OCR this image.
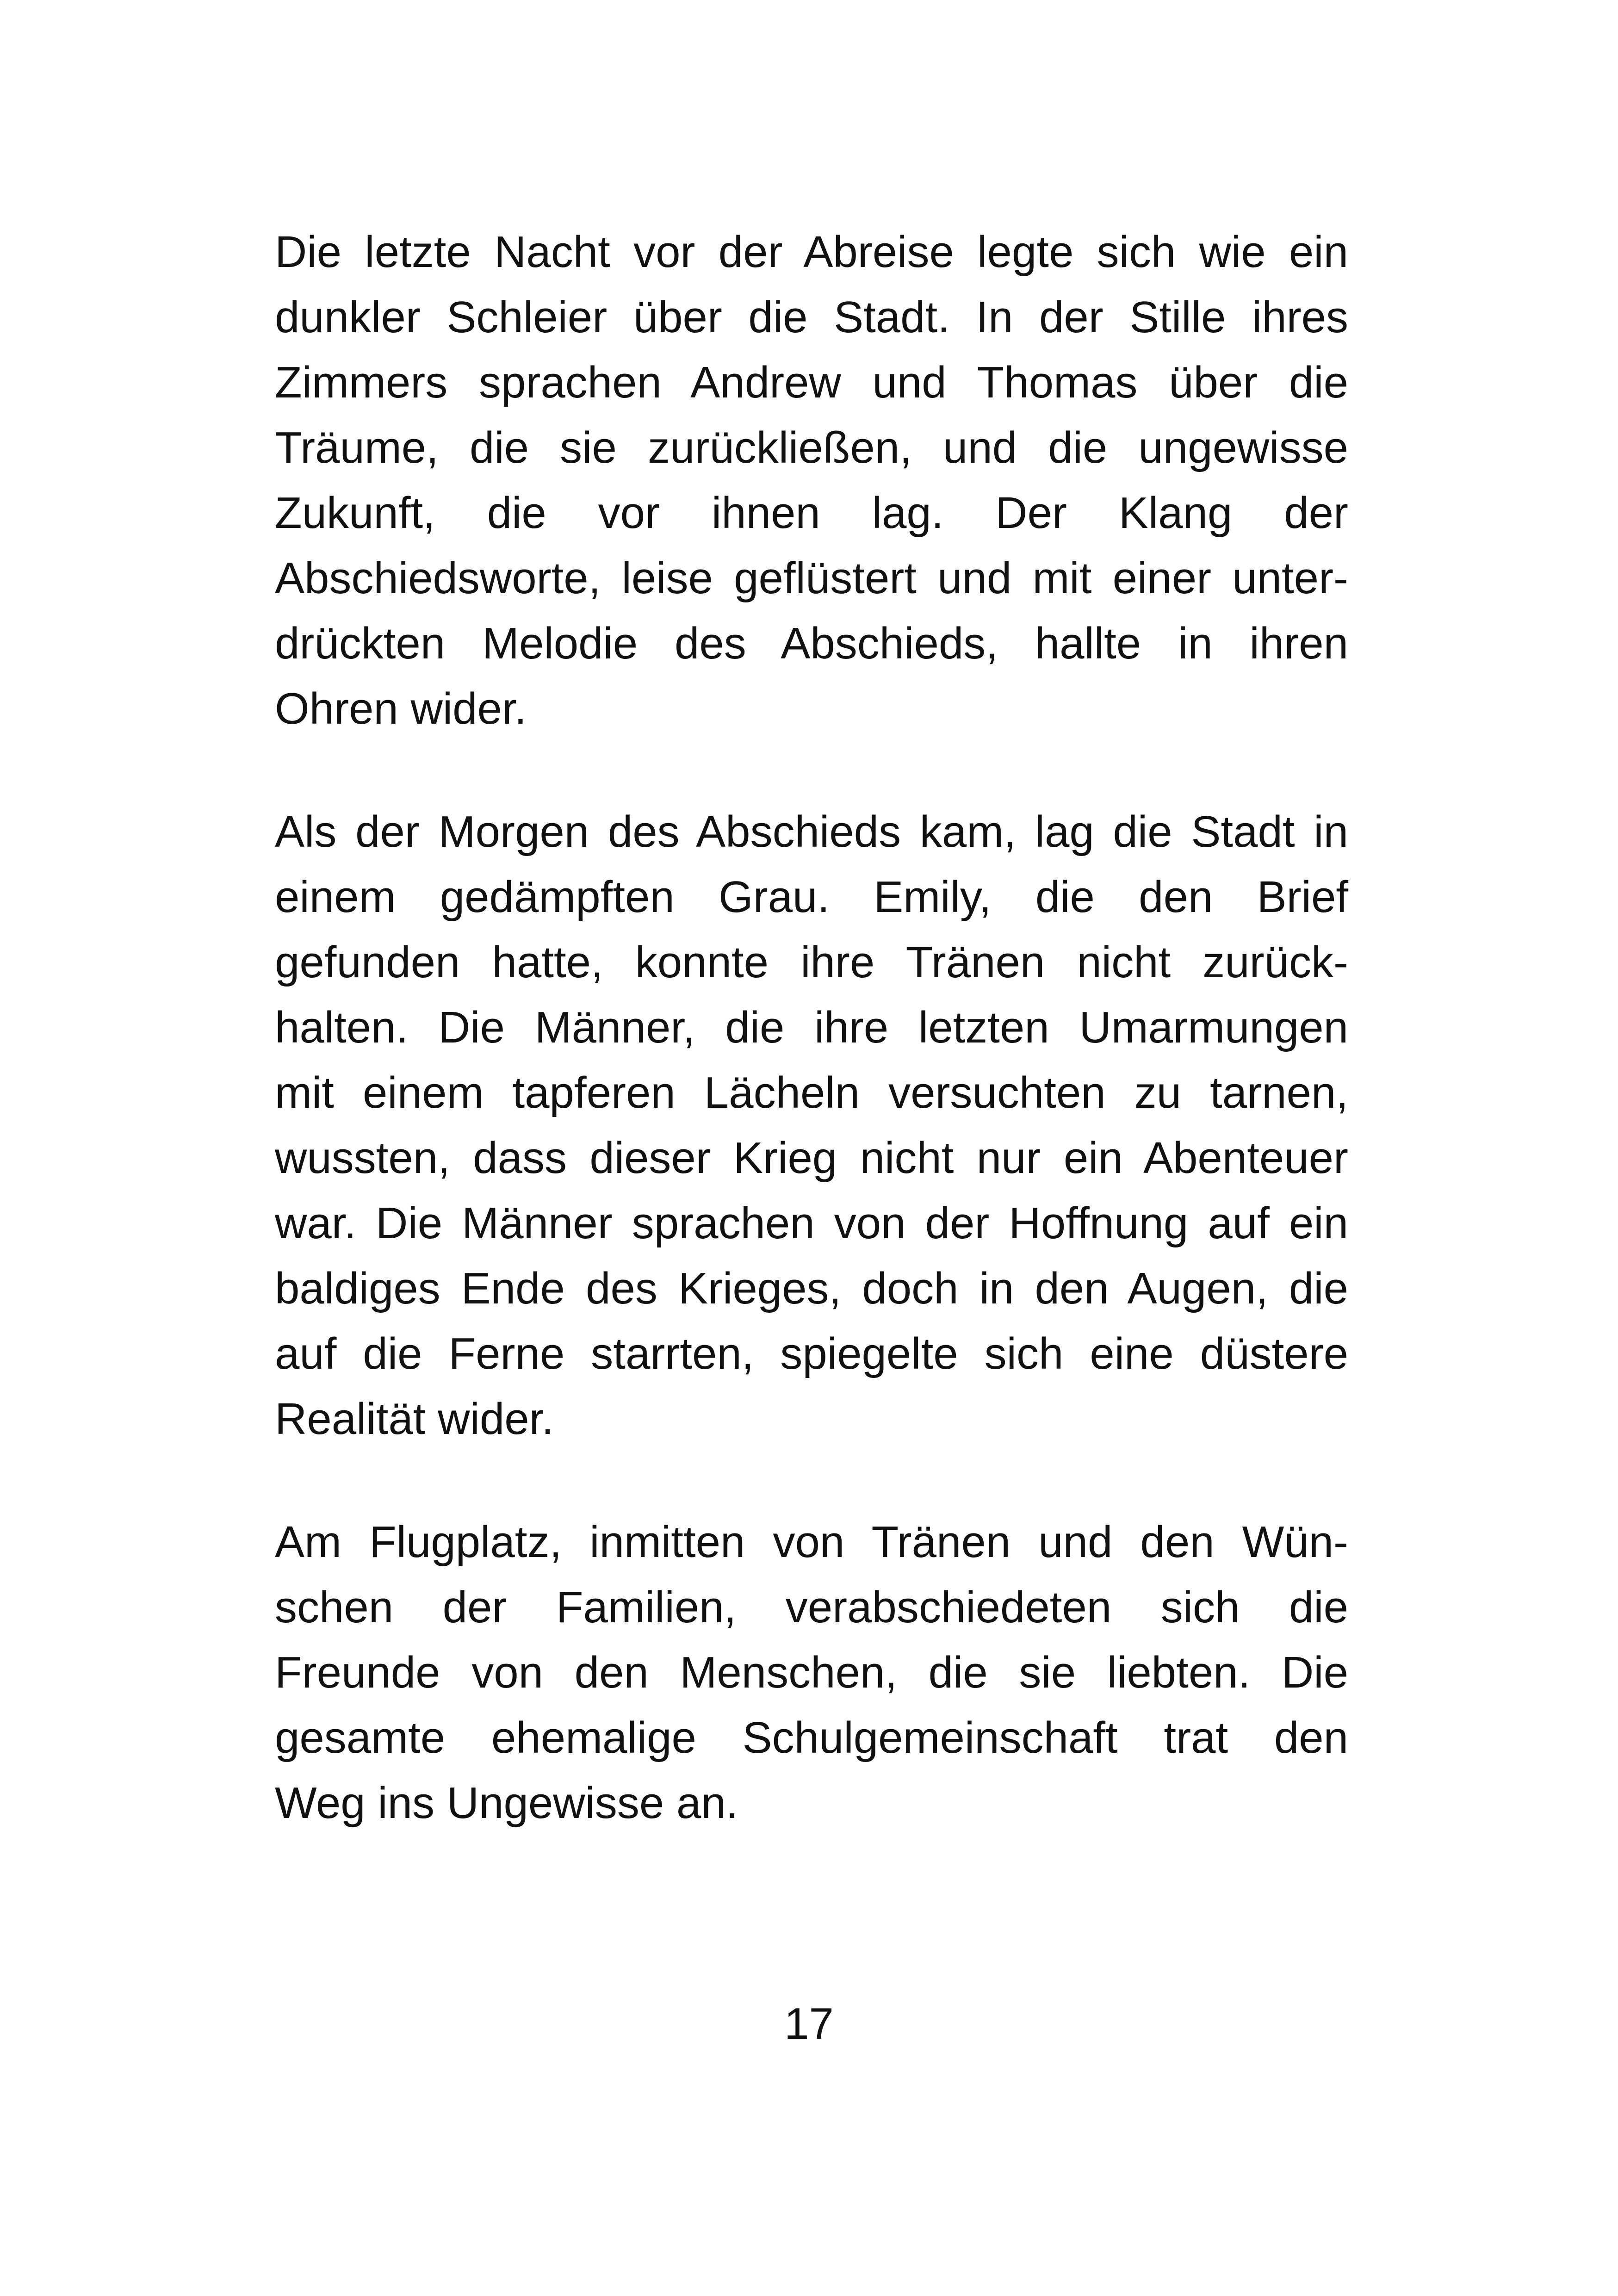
Die letzte Nacht vor der Abreise legte sich wie ein
dunkler Schleier über die Stadt. In der Stille ihres
Zimmers sprachen Andrew und Thomas über die
Träume, die sie zurückließen, und die ungewisse
Zukunft, die vor ihnen lag. Der Klang der
Abschiedsworte, leise geflüstert und mit einer unter-
drückten Melodie des Abschieds, hallte in ihren
Ohren wider.
Als der Morgen des Abschieds kam, lag die Stadt in
einem gedämpften Grau. Emily, die den Brief
gefunden hatte, konnte ihre Tränen nicht zurück-
halten. Die Männer, die ihre letzten Umarmungen
mit einem tapferen Lächeln versuchten zu tarnen,
wussten, dass dieser Krieg nicht nur ein Abenteuer
war. Die Männer sprachen von der Hoffnung auf ein
baldiges Ende des Krieges, doch in den Augen, die
auf die Ferne starrten, spiegelte sich eine düstere
Realität wider.
Am Flugplatz, inmitten von Tränen und den Wün-
schen der Familien, verabschiedeten sich die
Freunde von den Menschen, die sie liebten. Die
gesamte ehemalige Schulgemeinschaft trat den
Weg ins Ungewisse an.
17
